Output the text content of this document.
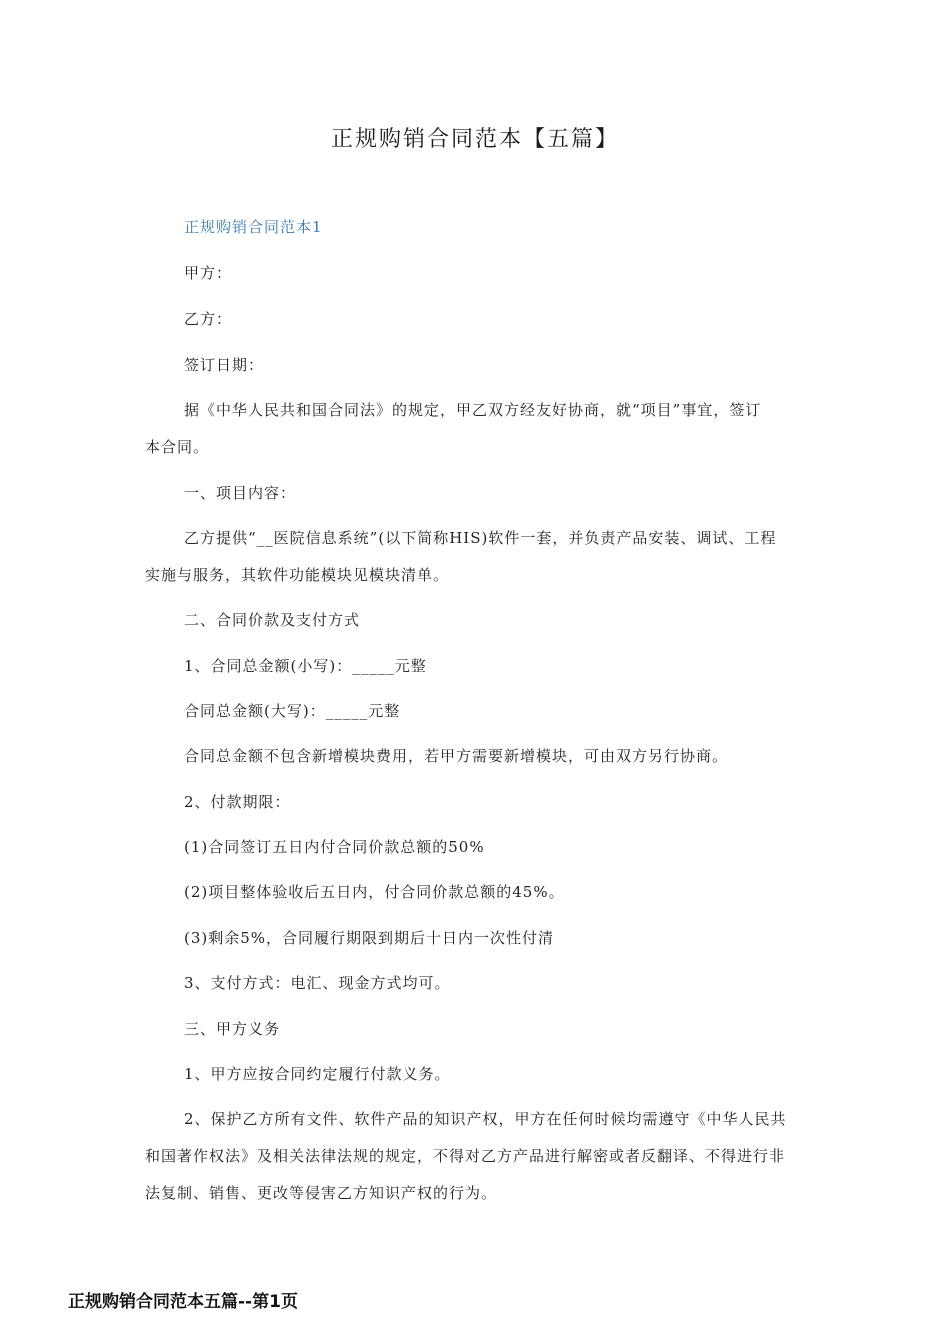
正规购销合同范本【五篇】
正规购销合同范本1
甲方：
乙方：
签订日期：
据《中华人民共和国合同法》的规定，甲乙双方经友好协商，就“项目”事宜，签订
本合同。
一、项目内容：
乙方提供“__医院信息系统”(以下简称HIS)软件一套，并负责产品安装、调试、工程
实施与服务，其软件功能模块见模块清单。
二、合同价款及支付方式
1、合同总金额(小写)：_____元整
合同总金额(大写)：_____元整
合同总金额不包含新增模块费用，若甲方需要新增模块，可由双方另行协商。
2、付款期限：
(1)合同签订五日内付合同价款总额的50%
(2)项目整体验收后五日内，付合同价款总额的45%。
(3)剩余5%，合同履行期限到期后十日内一次性付清
3、支付方式：电汇、现金方式均可。
三、甲方义务
1、甲方应按合同约定履行付款义务。
2、保护乙方所有文件、软件产品的知识产权，甲方在任何时候均需遵守《中华人民共
和国著作权法》及相关法律法规的规定，不得对乙方产品进行解密或者反翻译、不得进行非
法复制、销售、更改等侵害乙方知识产权的行为。
正规购销合同范本五篇--第1页
